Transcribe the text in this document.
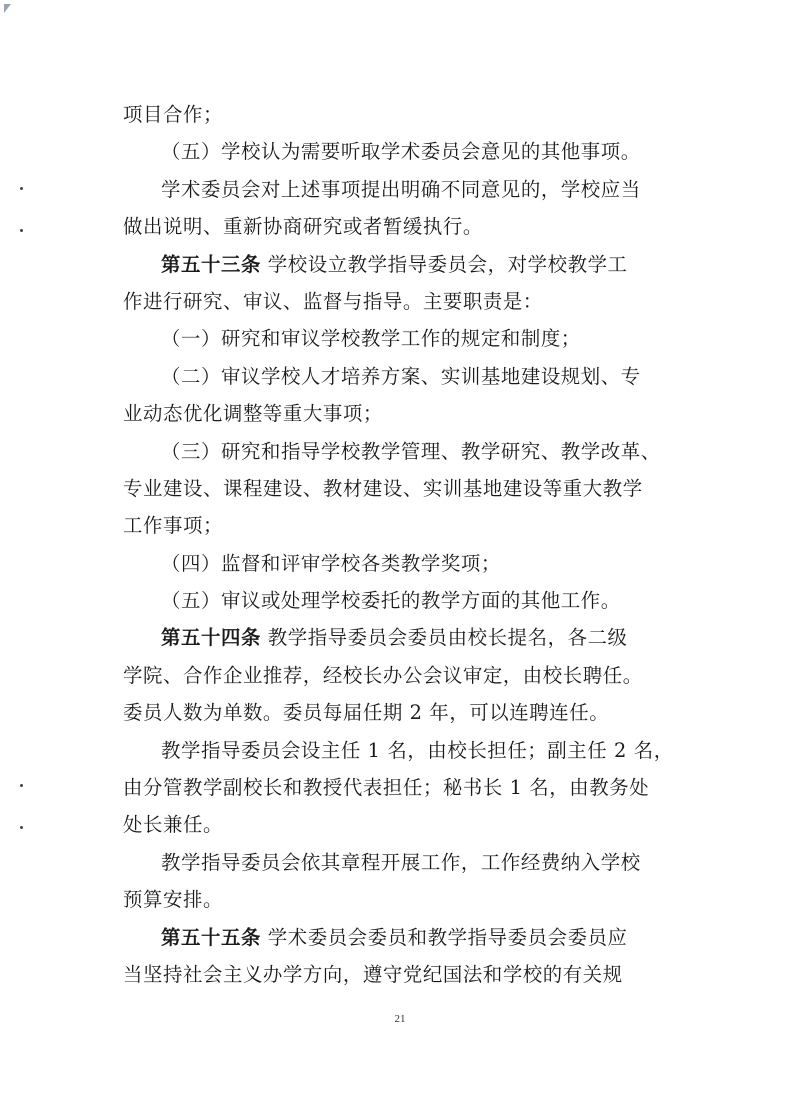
项目合作；
（五）学校认为需要听取学术委员会意见的其他事项。
学术委员会对上述事项提出明确不同意见的，学校应当
做出说明、重新协商研究或者暂缓执行。
第五十三条 学校设立教学指导委员会，对学校教学工
作进行研究、审议、监督与指导。主要职责是：
（一）研究和审议学校教学工作的规定和制度；
（二）审议学校人才培养方案、实训基地建设规划、专
业动态优化调整等重大事项；
（三）研究和指导学校教学管理、教学研究、教学改革、
专业建设、课程建设、教材建设、实训基地建设等重大教学
工作事项；
（四）监督和评审学校各类教学奖项；
（五）审议或处理学校委托的教学方面的其他工作。
第五十四条 教学指导委员会委员由校长提名，各二级
学院、合作企业推荐，经校长办公会议审定，由校长聘任。
委员人数为单数。委员每届任期 2 年，可以连聘连任。
教学指导委员会设主任 1 名，由校长担任；副主任 2 名，
由分管教学副校长和教授代表担任；秘书长 1 名，由教务处
处长兼任。
教学指导委员会依其章程开展工作，工作经费纳入学校
预算安排。
第五十五条 学术委员会委员和教学指导委员会委员应
当坚持社会主义办学方向，遵守党纪国法和学校的有关规
21
